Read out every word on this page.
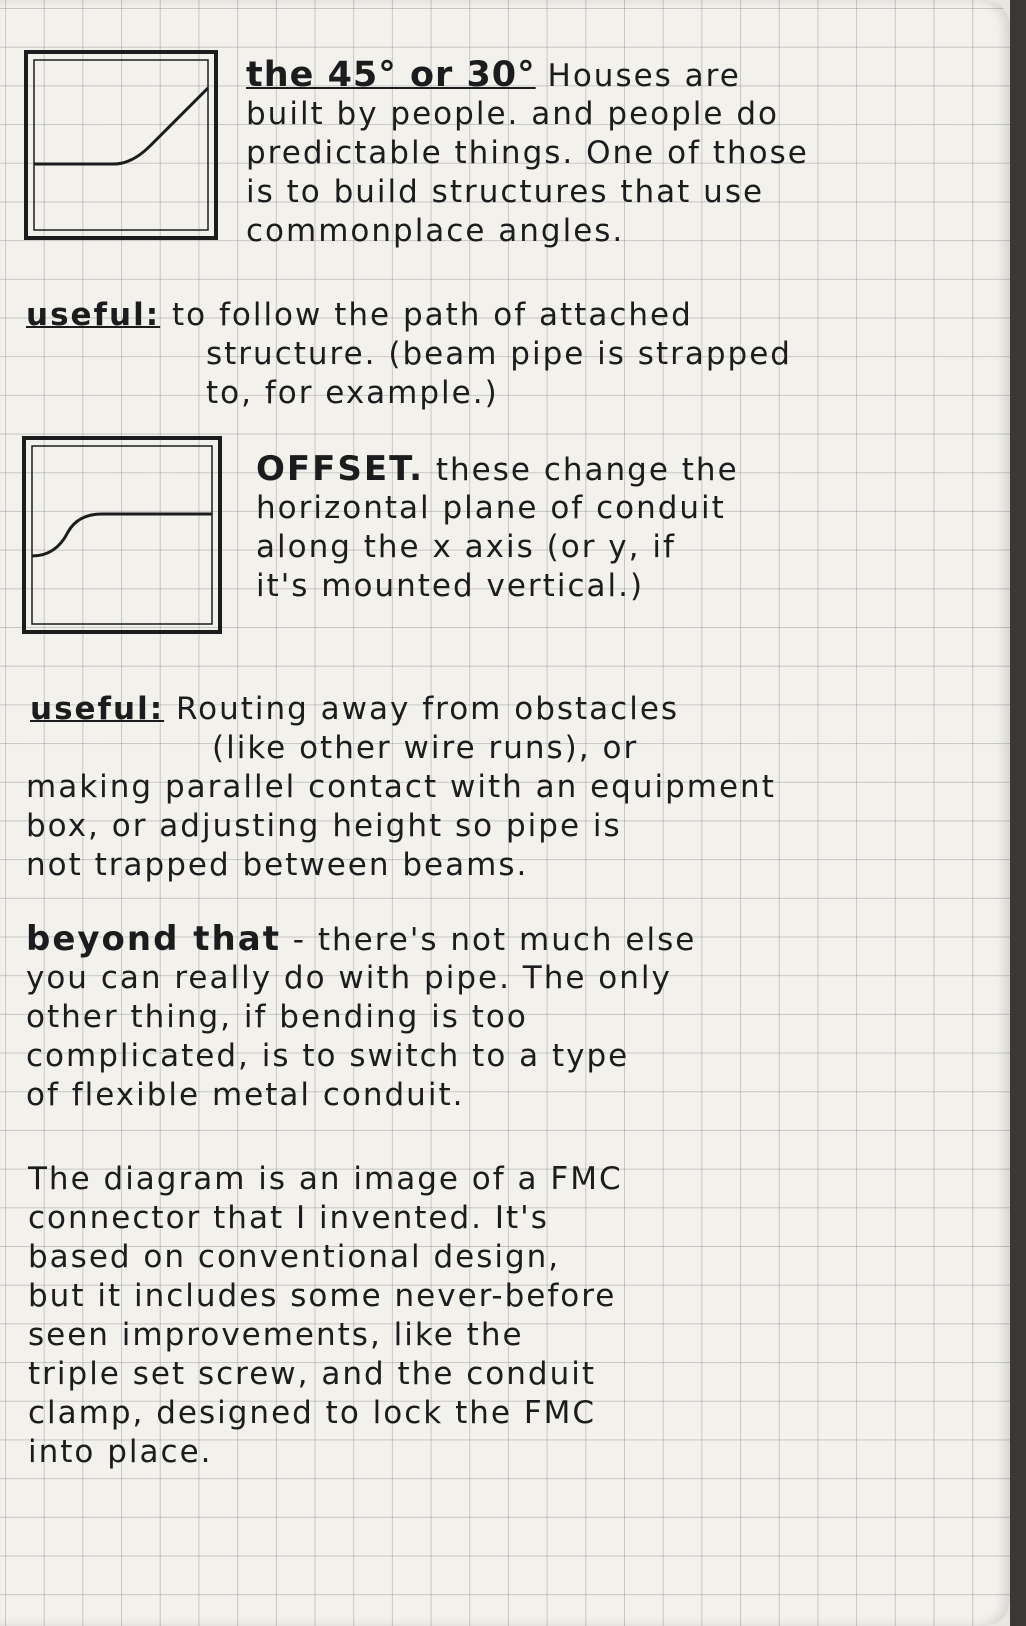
the 45° or 30° Houses are
built by people. and people do
predictable things. One of those
is to build structures that use
commonplace angles.
useful: to follow the path of attached
structure. (beam pipe is strapped
to, for example.)
OFFSET. these change the
horizontal plane of conduit
along the x axis (or y, if
it's mounted vertical.)
useful: Routing away from obstacles
(like other wire runs), or
making parallel contact with an equipment
box, or adjusting height so pipe is
not trapped between beams.
beyond that - there's not much else
you can really do with pipe. The only
other thing, if bending is too
complicated, is to switch to a type
of flexible metal conduit.
The diagram is an image of a FMC
connector that I invented. It's
based on conventional design,
but it includes some never-before
seen improvements, like the
triple set screw, and the conduit
clamp, designed to lock the FMC
into place.
